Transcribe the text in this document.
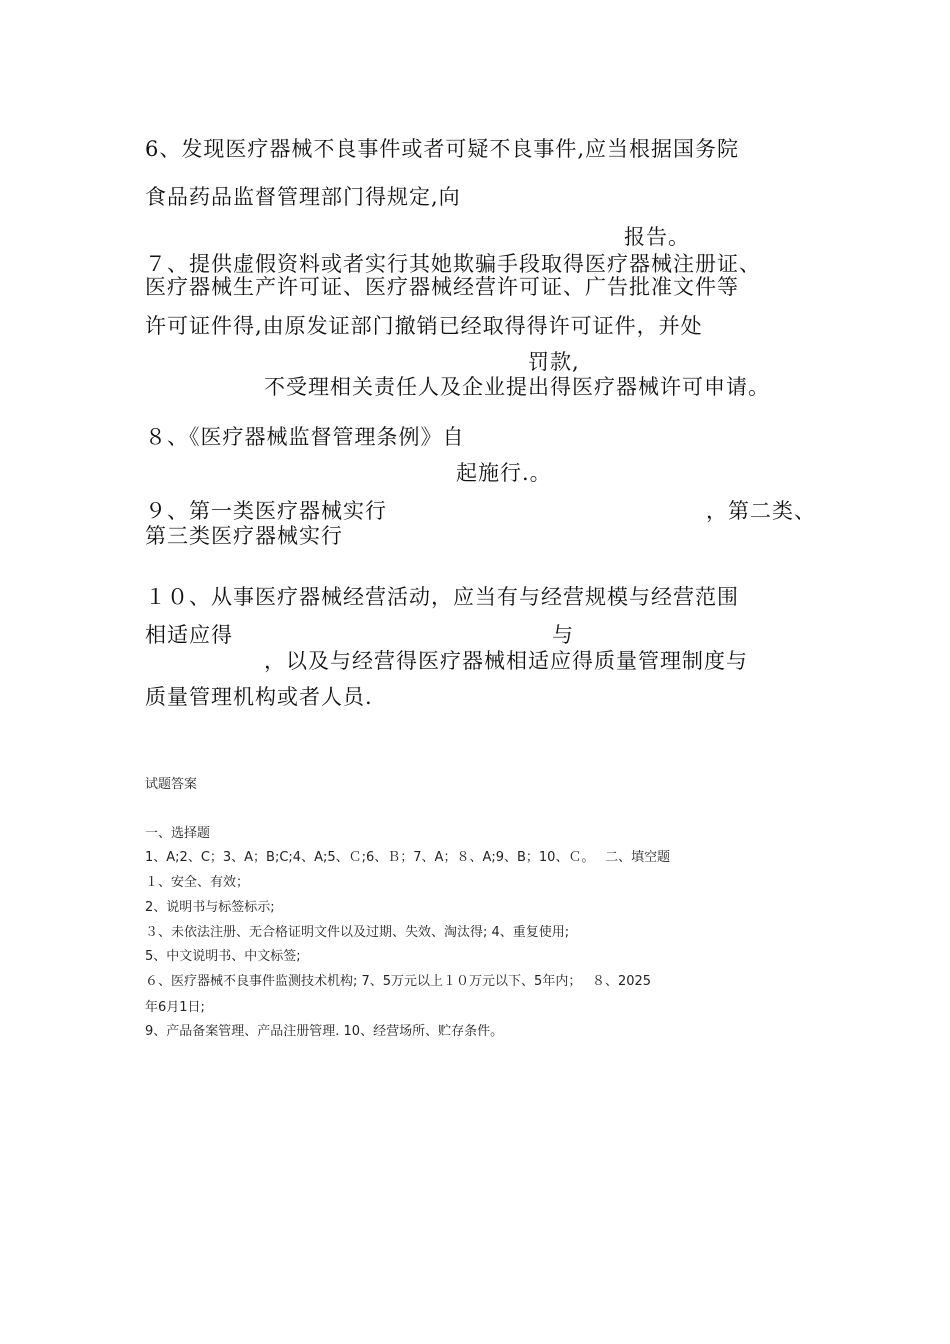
6、发现医疗器械不良事件或者可疑不良事件,应当根据国务院
食品药品监督管理部门得规定,向
报告。
７、提供虚假资料或者实行其她欺骗手段取得医疗器械注册证、
医疗器械生产许可证、医疗器械经营许可证、广告批准文件等
许可证件得,由原发证部门撤销已经取得得许可证件，并处
罚款,
不受理相关责任人及企业提出得医疗器械许可申请。
８、《医疗器械监督管理条例》自
起施行.。
９、第一类医疗器械实行	，第二类、
第三类医疗器械实行
１０、从事医疗器械经营活动，应当有与经营规模与经营范围
相适应得	与
，以及与经营得医疗器械相适应得质量管理制度与
质量管理机构或者人员.
试题答案
一、选择题
1、A;2、C；3、A；B;C;4、A;5、Ｃ;6、Ｂ；7、A；８、A;9、B；10、Ｃ。　 二、填空题
１、安全、有效；
2、说明书与标签标示;
３、未依法注册、无合格证明文件以及过期、失效、淘汰得; 4、重复使用;
5、中文说明书、中文标签;
６、医疗器械不良事件监测技术机构; 7、5万元以上１０万元以下、5年内；　 ８、2025
年6月1日;
9、产品备案管理、产品注册管理. 10、经营场所、贮存条件。
